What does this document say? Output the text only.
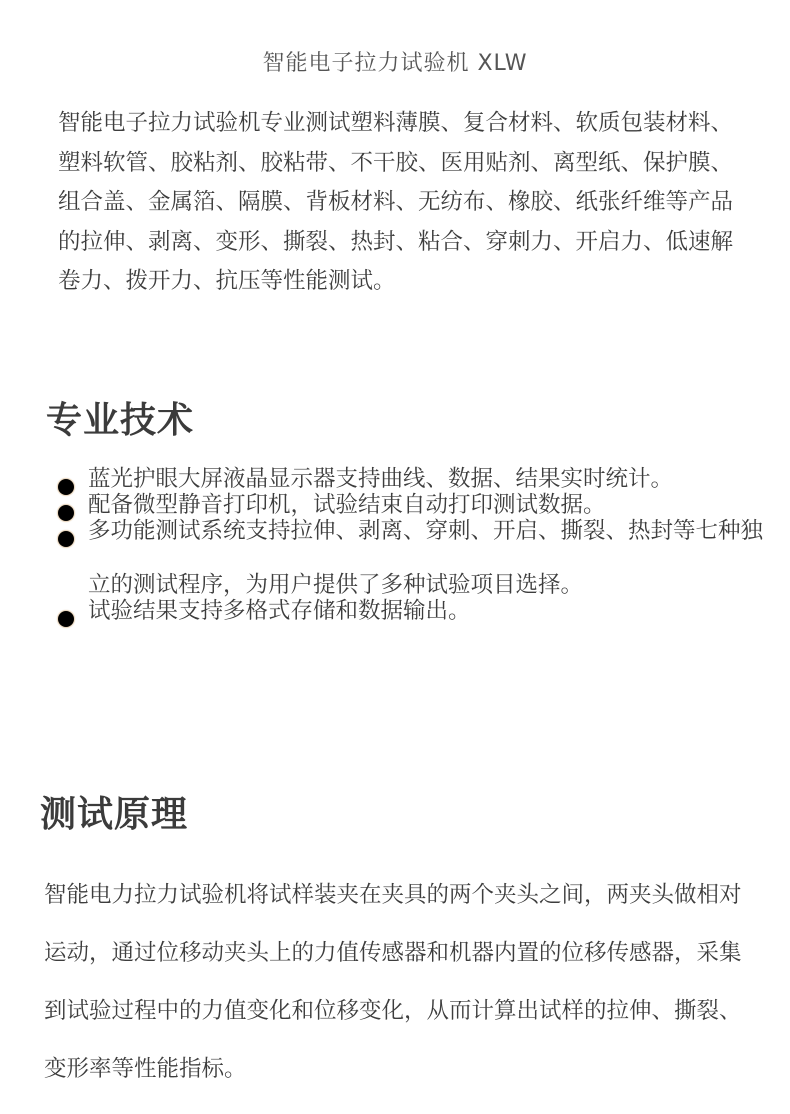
智能电子拉力试验机 XLW

智能电子拉力试验机专业测试塑料薄膜、复合材料、软质包装材料、塑料软管、胶粘剂、胶粘带、不干胶、医用贴剂、离型纸、保护膜、组合盖、金属箔、隔膜、背板材料、无纺布、橡胶、纸张纤维等产品的拉伸、剥离、变形、撕裂、热封、粘合、穿刺力、开启力、低速解卷力、拨开力、抗压等性能测试。

专业技术
蓝光护眼大屏液晶显示器支持曲线、数据、结果实时统计。
配备微型静音打印机，试验结束自动打印测试数据。
多功能测试系统支持拉伸、剥离、穿刺、开启、撕裂、热封等七种独立的测试程序，为用户提供了多种试验项目选择。
试验结果支持多格式存储和数据输出。
测试原理

智能电力拉力试验机将试样装夹在夹具的两个夹头之间，两夹头做相对运动，通过位移动夹头上的力值传感器和机器内置的位移传感器，采集到试验过程中的力值变化和位移变化，从而计算出试样的拉伸、撕裂、变形率等性能指标。
